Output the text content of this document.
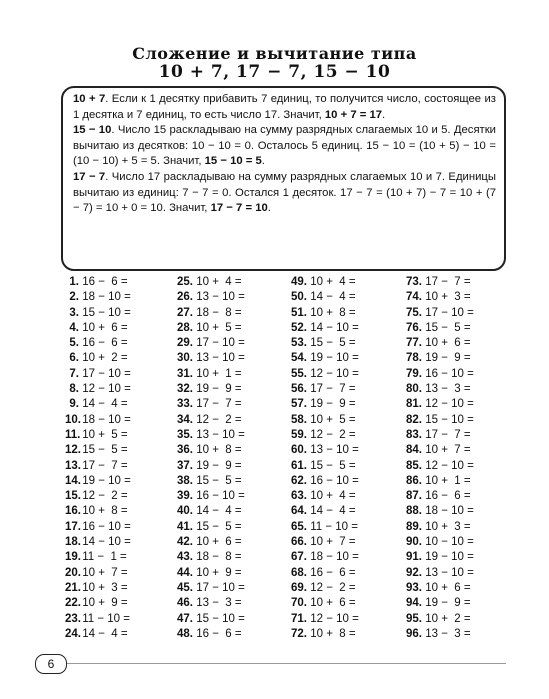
Сложение и вычитание типа
10 + 7, 17 − 7, 15 − 10

10 + 7. Если к 1 десятку прибавить 7 единиц, то получится число, состоящее из 1 десятка и 7 единиц, то есть число 17. Значит, 10 + 7 = 17.

15 − 10. Число 15 раскладываю на сумму разрядных слагаемых 10 и 5. Десятки вычитаю из десятков: 10 − 10 = 0. Осталось 5 единиц. 15 − 10 = (10 + 5) − 10 = (10 − 10) + 5 = 5. Значит, 15 − 10 = 5.

17 − 7. Число 17 раскладываю на сумму разрядных слагаемых 10 и 7. Единицы вычитаю из единиц: 7 − 7 = 0. Остался 1 десяток. 17 − 7 = (10 + 7) − 7 = 10 + (7 − 7) = 10 + 0 = 10. Значит, 17 − 7 = 10.

1. 16 −  6 =
2. 18 − 10 =
3. 15 − 10 =
4. 10 +  6 =
5. 16 −  6 =
6. 10 +  2 =
7. 17 − 10 =
8. 12 − 10 =
9. 14 −  4 =
10. 18 − 10 =
11. 10 +  5 =
12. 15 −  5 =
13. 17 −  7 =
14. 19 − 10 =
15. 12 −  2 =
16. 10 +  8 =
17. 16 − 10 =
18. 14 − 10 =
19. 11 −  1 =
20. 10 +  7 =
21. 10 +  3 =
22. 10 +  9 =
23. 11 − 10 =
24. 14 −  4 =
25. 10 +  4 =
26. 13 − 10 =
27. 18 −  8 =
28. 10 +  5 =
29. 17 − 10 =
30. 13 − 10 =
31. 10 +  1 =
32. 19 −  9 =
33. 17 −  7 =
34. 12 −  2 =
35. 13 − 10 =
36. 10 +  8 =
37. 19 −  9 =
38. 15 −  5 =
39. 16 − 10 =
40. 14 −  4 =
41. 15 −  5 =
42. 10 +  6 =
43. 18 −  8 =
44. 10 +  9 =
45. 17 − 10 =
46. 13 −  3 =
47. 15 − 10 =
48. 16 −  6 =
49. 10 +  4 =
50. 14 −  4 =
51. 10 +  8 =
52. 14 − 10 =
53. 15 −  5 =
54. 19 − 10 =
55. 12 − 10 =
56. 17 −  7 =
57. 19 −  9 =
58. 10 +  5 =
59. 12 −  2 =
60. 13 − 10 =
61. 15 −  5 =
62. 16 − 10 =
63. 10 +  4 =
64. 14 −  4 =
65. 11 − 10 =
66. 10 +  7 =
67. 18 − 10 =
68. 16 −  6 =
69. 12 −  2 =
70. 10 +  6 =
71. 12 − 10 =
72. 10 +  8 =
73. 17 −  7 =
74. 10 +  3 =
75. 17 − 10 =
76. 15 −  5 =
77. 10 +  6 =
78. 19 −  9 =
79. 16 − 10 =
80. 13 −  3 =
81. 12 − 10 =
82. 15 − 10 =
83. 17 −  7 =
84. 10 +  7 =
85. 12 − 10 =
86. 10 +  1 =
87. 16 −  6 =
88. 18 − 10 =
89. 10 +  3 =
90. 10 − 10 =
91. 19 − 10 =
92. 13 − 10 =
93. 10 +  6 =
94. 19 −  9 =
95. 10 +  2 =
96. 13 −  3 =
6
